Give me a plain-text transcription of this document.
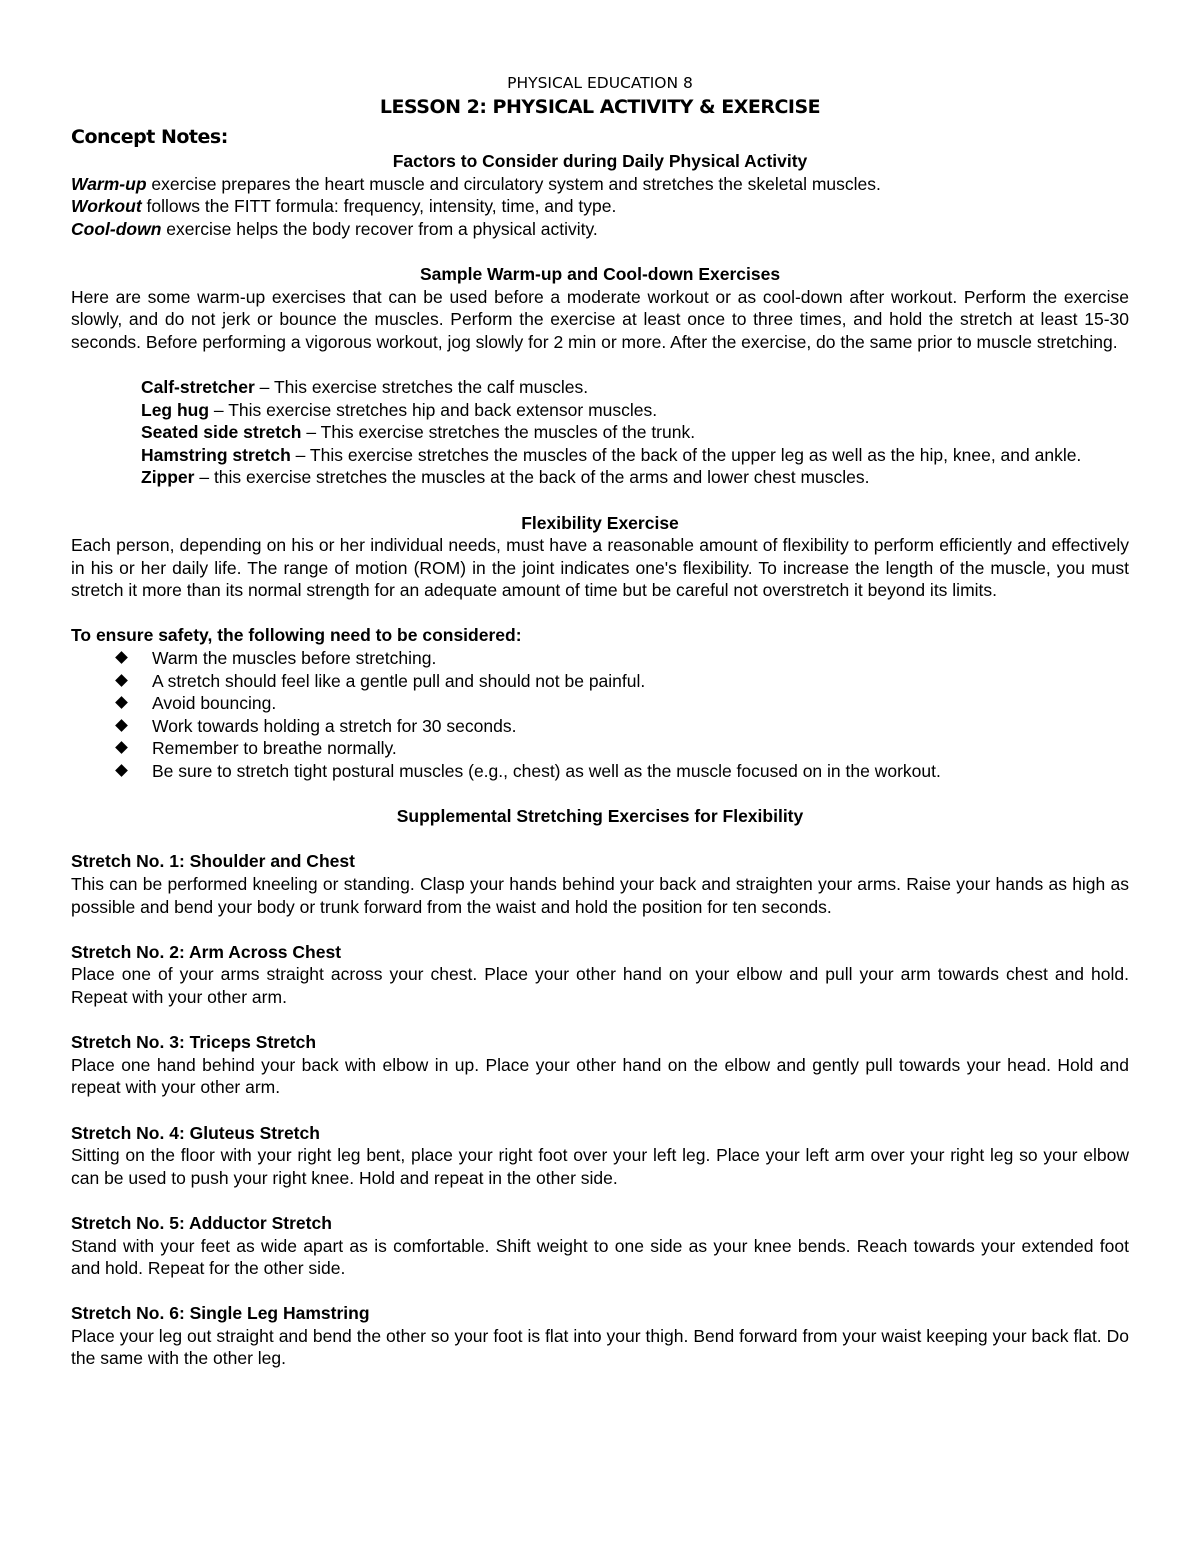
PHYSICAL EDUCATION 8
LESSON 2: PHYSICAL ACTIVITY & EXERCISE
Concept Notes:
Factors to Consider during Daily Physical Activity
Warm-up exercise prepares the heart muscle and circulatory system and stretches the skeletal muscles.
Workout follows the FITT formula: frequency, intensity, time, and type.
Cool-down exercise helps the body recover from a physical activity.
Sample Warm-up and Cool-down Exercises
Here are some warm-up exercises that can be used before a moderate workout or as cool-down after workout. Perform the exercise slowly, and do not jerk or bounce the muscles. Perform the exercise at least once to three times, and hold the stretch at least 15-30 seconds. Before performing a vigorous workout, jog slowly for 2 min or more. After the exercise, do the same prior to muscle stretching.
Calf-stretcher – This exercise stretches the calf muscles.
Leg hug – This exercise stretches hip and back extensor muscles.
Seated side stretch – This exercise stretches the muscles of the trunk.
Hamstring stretch – This exercise stretches the muscles of the back of the upper leg as well as the hip, knee, and ankle.
Zipper – this exercise stretches the muscles at the back of the arms and lower chest muscles.
Flexibility Exercise
Each person, depending on his or her individual needs, must have a reasonable amount of flexibility to perform efficiently and effectively in his or her daily life. The range of motion (ROM) in the joint indicates one's flexibility. To increase the length of the muscle, you must stretch it more than its normal strength for an adequate amount of time but be careful not overstretch it beyond its limits.
To ensure safety, the following need to be considered:
Warm the muscles before stretching.
A stretch should feel like a gentle pull and should not be painful.
Avoid bouncing.
Work towards holding a stretch for 30 seconds.
Remember to breathe normally.
Be sure to stretch tight postural muscles (e.g., chest) as well as the muscle focused on in the workout.
Supplemental Stretching Exercises for Flexibility
Stretch No. 1: Shoulder and Chest
This can be performed kneeling or standing. Clasp your hands behind your back and straighten your arms. Raise your hands as high as possible and bend your body or trunk forward from the waist and hold the position for ten seconds.
Stretch No. 2: Arm Across Chest
Place one of your arms straight across your chest. Place your other hand on your elbow and pull your arm towards chest and hold. Repeat with your other arm.
Stretch No. 3: Triceps Stretch
Place one hand behind your back with elbow in up. Place your other hand on the elbow and gently pull towards your head. Hold and repeat with your other arm.
Stretch No. 4: Gluteus Stretch
Sitting on the floor with your right leg bent, place your right foot over your left leg. Place your left arm over your right leg so your elbow can be used to push your right knee. Hold and repeat in the other side.
Stretch No. 5: Adductor Stretch
Stand with your feet as wide apart as is comfortable. Shift weight to one side as your knee bends. Reach towards your extended foot and hold. Repeat for the other side.
Stretch No. 6: Single Leg Hamstring
Place your leg out straight and bend the other so your foot is flat into your thigh. Bend forward from your waist keeping your back flat. Do the same with the other leg.
